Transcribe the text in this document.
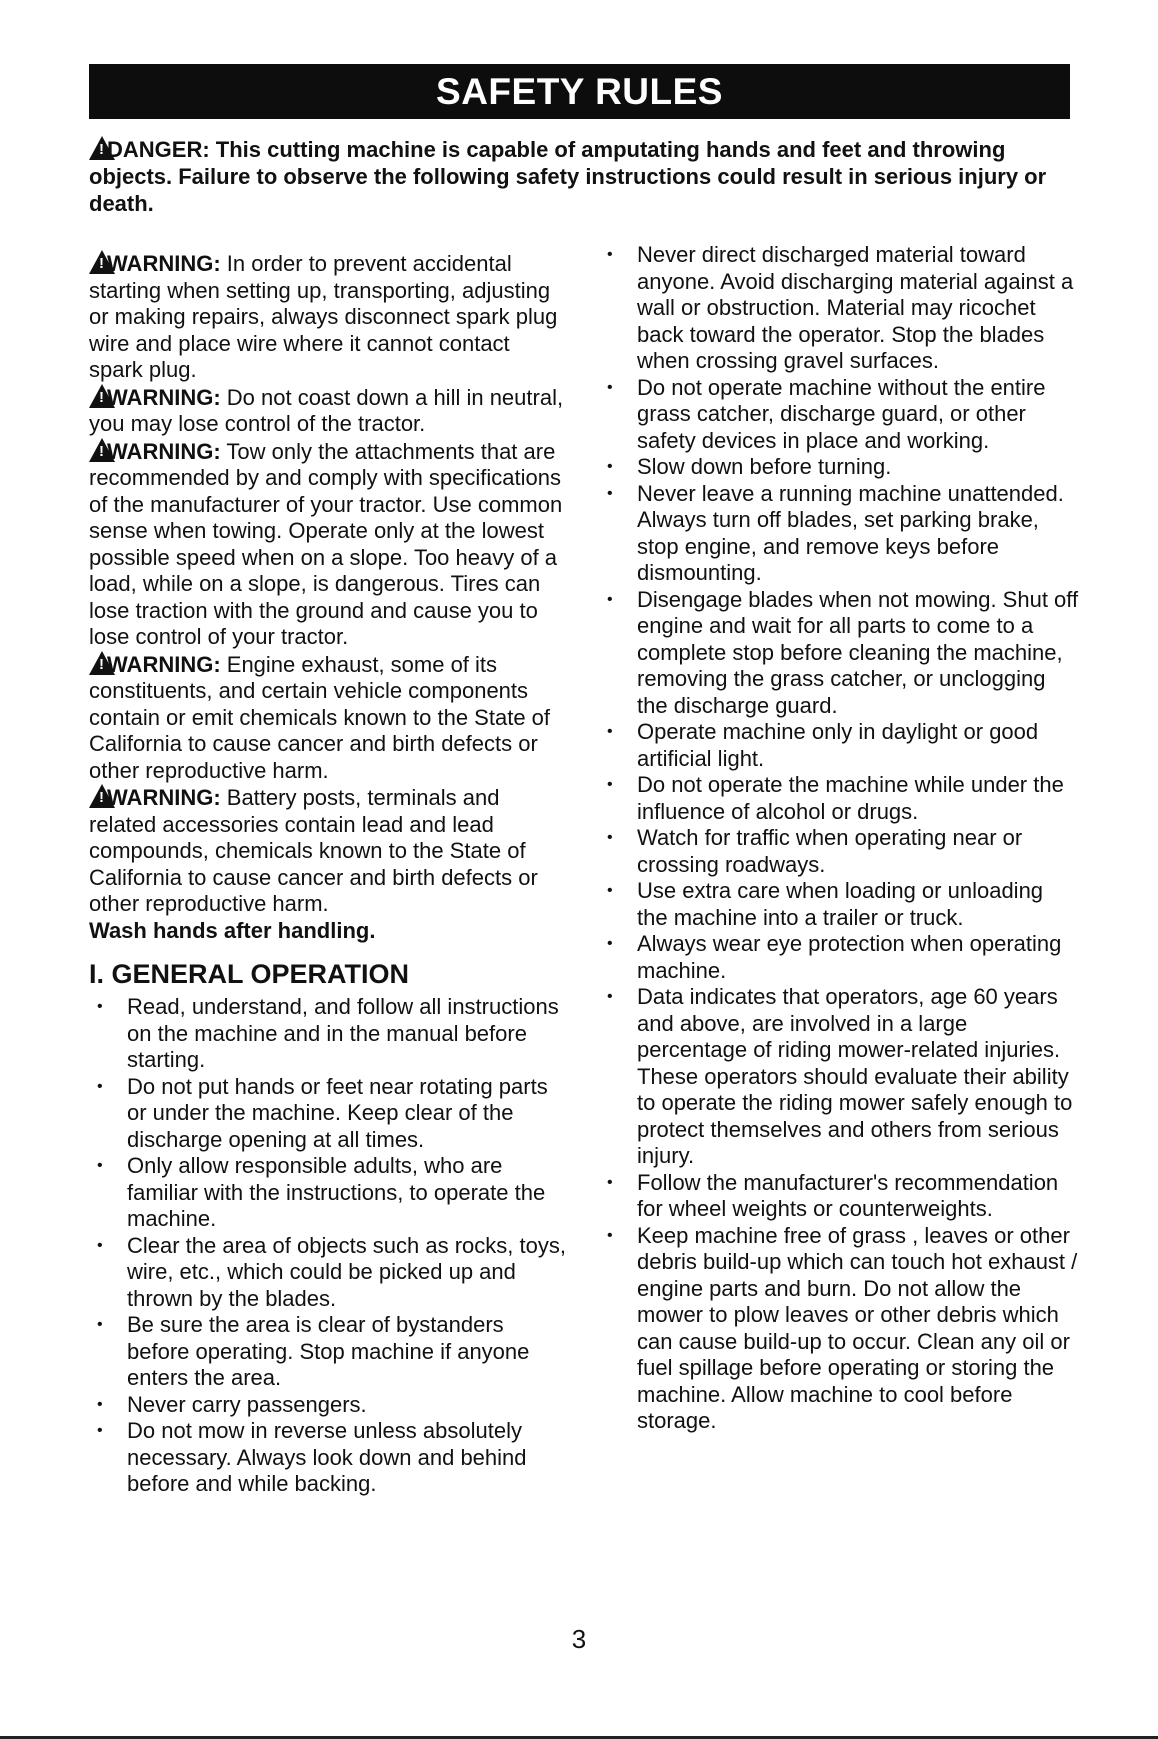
SAFETY RULES
!DANGER: This cutting machine is capable of amputating hands and feet and throwing objects. Failure to observe the following safety instructions could result in serious injury or death.

!WARNING: In order to prevent accidental starting when setting up, transporting, adjusting or making repairs, always disconnect spark plug wire and place wire where it cannot contact spark plug.

!WARNING: Do not coast down a hill in neutral, you may lose control of the tractor.

!WARNING: Tow only the attachments that are recommended by and comply with specifications of the manufacturer of your tractor. Use common sense when towing. Operate only at the lowest possible speed when on a slope. Too heavy of a load, while on a slope, is dangerous. Tires can lose traction with the ground and cause you to lose control of your tractor.

!WARNING: Engine exhaust, some of its constituents, and certain vehicle components contain or emit chemicals known to the State of California to cause cancer and birth defects or other reproductive harm.

!WARNING: Battery posts, terminals and related accessories contain lead and lead compounds, chemicals known to the State of California to cause cancer and birth defects or other reproductive harm.

Wash hands after handling.

I. GENERAL OPERATION
• Read, understand, and follow all instructions on the machine and in the manual before starting.
• Do not put hands or feet near rotating parts or under the machine. Keep clear of the discharge opening at all times.
• Only allow responsible adults, who are familiar with the instructions, to operate the machine.
• Clear the area of objects such as rocks, toys, wire, etc., which could be picked up and thrown by the blades.
• Be sure the area is clear of bystanders before operating. Stop machine if anyone enters the area.
• Never carry passengers.
• Do not mow in reverse unless absolutely necessary. Always look down and behind before and while backing.
• Never direct discharged material toward anyone. Avoid discharging material against a wall or obstruction. Material may ricochet back toward the operator. Stop the blades when crossing gravel surfaces.
• Do not operate machine without the entire grass catcher, discharge guard, or other safety devices in place and working.
• Slow down before turning.
• Never leave a running machine unattended. Always turn off blades, set parking brake, stop engine, and remove keys before dismounting.
• Disengage blades when not mowing. Shut off engine and wait for all parts to come to a complete stop before cleaning the machine, removing the grass catcher, or unclogging the discharge guard.
• Operate machine only in daylight or good artificial light.
• Do not operate the machine while under the influence of alcohol or drugs.
• Watch for traffic when operating near or crossing roadways.
• Use extra care when loading or unloading the machine into a trailer or truck.
• Always wear eye protection when operating machine.
• Data indicates that operators, age 60 years and above, are involved in a large percentage of riding mower-related injuries. These operators should evaluate their ability to operate the riding mower safely enough to protect themselves and others from serious injury.
• Follow the manufacturer's recommendation for wheel weights or counterweights.
• Keep machine free of grass , leaves or other debris build-up which can touch hot exhaust / engine parts and burn. Do not allow the mower to plow leaves or other debris which can cause build-up to occur. Clean any oil or fuel spillage before operating or storing the machine. Allow machine to cool before storage.
3
